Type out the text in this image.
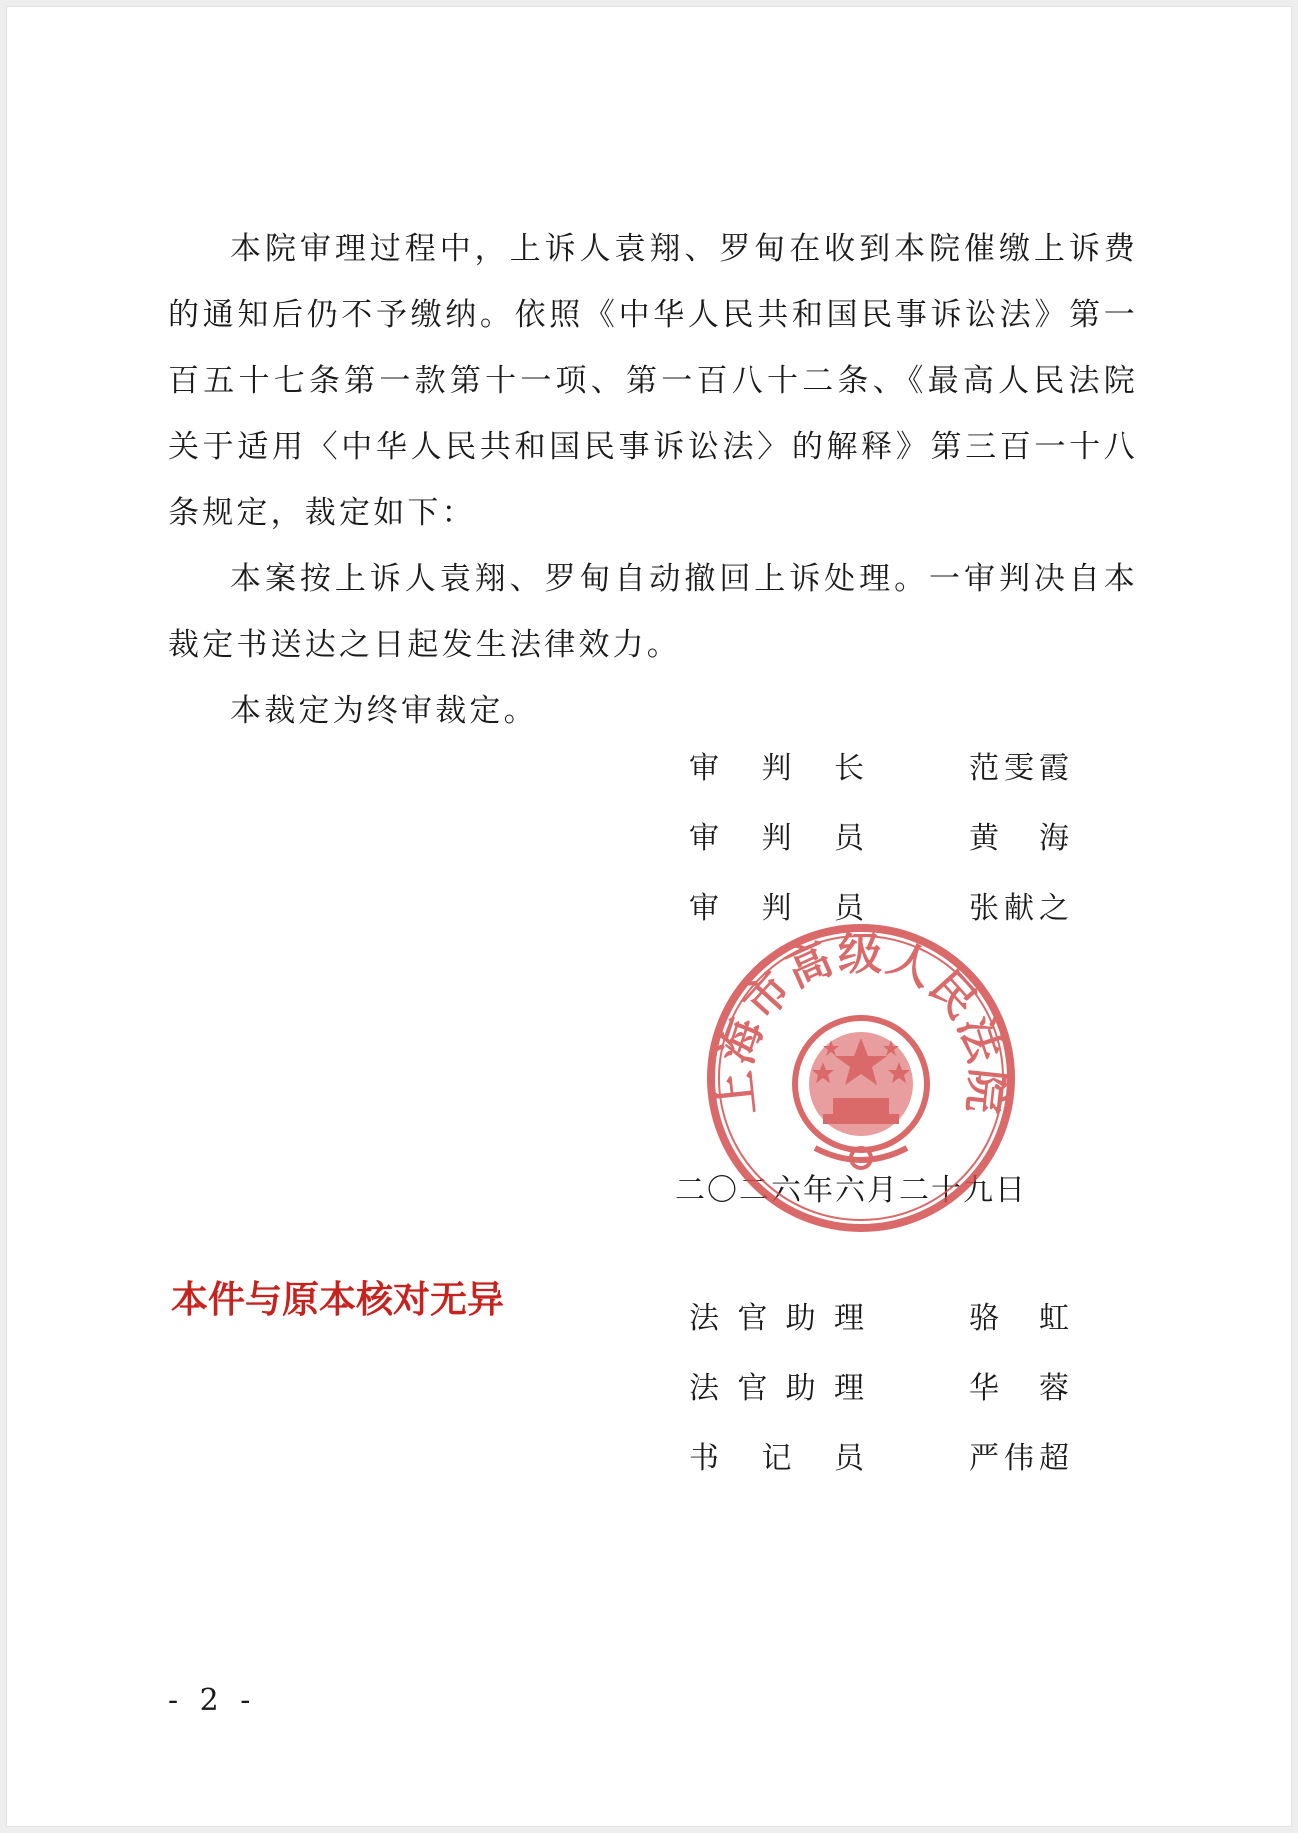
本院审理过程中，上诉人袁翔、罗甸在收到本院催缴上诉费的通知后仍不予缴纳。依照《中华人民共和国民事诉讼法》第一百五十七条第一款第十一项、第一百八十二条、《最高人民法院关于适用〈中华人民共和国民事诉讼法〉的解释》第三百一十八条规定，裁定如下：

本案按上诉人袁翔、罗甸自动撤回上诉处理。一审判决自本裁定书送达之日起发生法律效力。

本裁定为终审裁定。

审 判 长	范 雯 霞
审 判 员	黄 海
审 判 员	张 献 之
二〇二六年六月二十九日
上海市高级人民法院
本件与原本核对无异	法 官 助 理	骆 虹
法 官 助 理	华 蓉
书 记 员	严 伟 超
- 2 -
